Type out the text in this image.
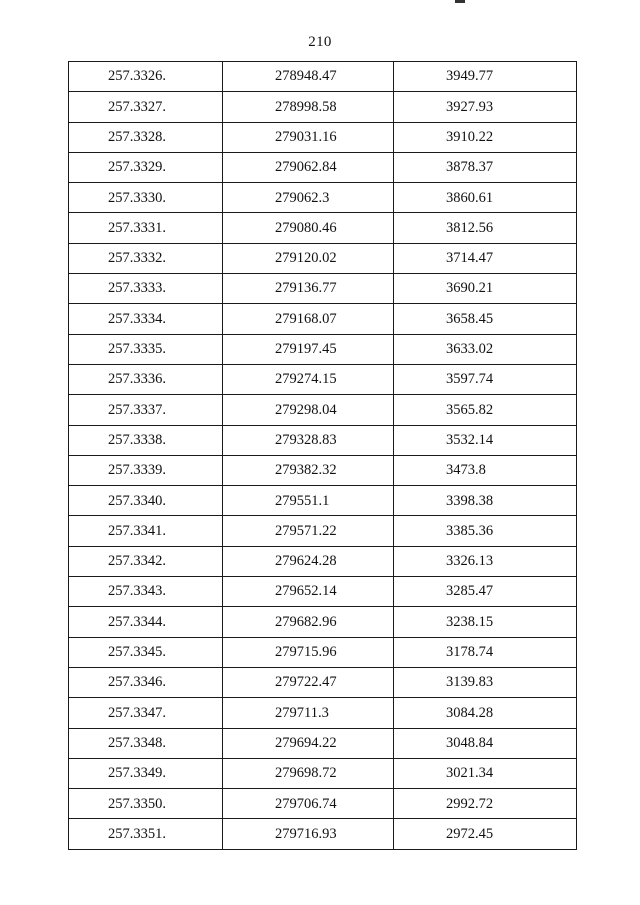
210
257.3326.	278948.47	3949.77
257.3327.	278998.58	3927.93
257.3328.	279031.16	3910.22
257.3329.	279062.84	3878.37
257.3330.	279062.3	3860.61
257.3331.	279080.46	3812.56
257.3332.	279120.02	3714.47
257.3333.	279136.77	3690.21
257.3334.	279168.07	3658.45
257.3335.	279197.45	3633.02
257.3336.	279274.15	3597.74
257.3337.	279298.04	3565.82
257.3338.	279328.83	3532.14
257.3339.	279382.32	3473.8
257.3340.	279551.1	3398.38
257.3341.	279571.22	3385.36
257.3342.	279624.28	3326.13
257.3343.	279652.14	3285.47
257.3344.	279682.96	3238.15
257.3345.	279715.96	3178.74
257.3346.	279722.47	3139.83
257.3347.	279711.3	3084.28
257.3348.	279694.22	3048.84
257.3349.	279698.72	3021.34
257.3350.	279706.74	2992.72
257.3351.	279716.93	2972.45
